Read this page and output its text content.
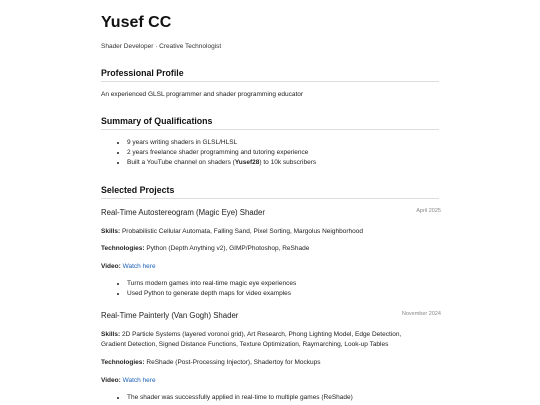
Yusef CC
Shader Developer · Creative Technologist
Professional Profile
An experienced GLSL programmer and shader programming educator
Summary of Qualifications
• 9 years writing shaders in GLSL/HLSL
• 2 years freelance shader programming and tutoring experience
• Built a YouTube channel on shaders (Yusef28) to 10k subscribers
Selected Projects
Real-Time Autostereogram (Magic Eye) Shader	April 2025
Skills: Probabilistic Cellular Automata, Falling Sand, Pixel Sorting, Margolus Neighborhood
Technologies: Python (Depth Anything v2), GIMP/Photoshop, ReShade
Video: Watch here
• Turns modern games into real-time magic eye experiences
• Used Python to generate depth maps for video examples
Real-Time Painterly (Van Gogh) Shader	November 2024
Skills: 2D Particle Systems (layered voronoi grid), Art Research, Phong Lighting Model, Edge Detection,
Gradient Detection, Signed Distance Functions, Texture Optimization, Raymarching, Look-up Tables
Technologies: ReShade (Post-Processing Injector), Shadertoy for Mockups
Video: Watch here
• The shader was successfully applied in real-time to multiple games (ReShade)
